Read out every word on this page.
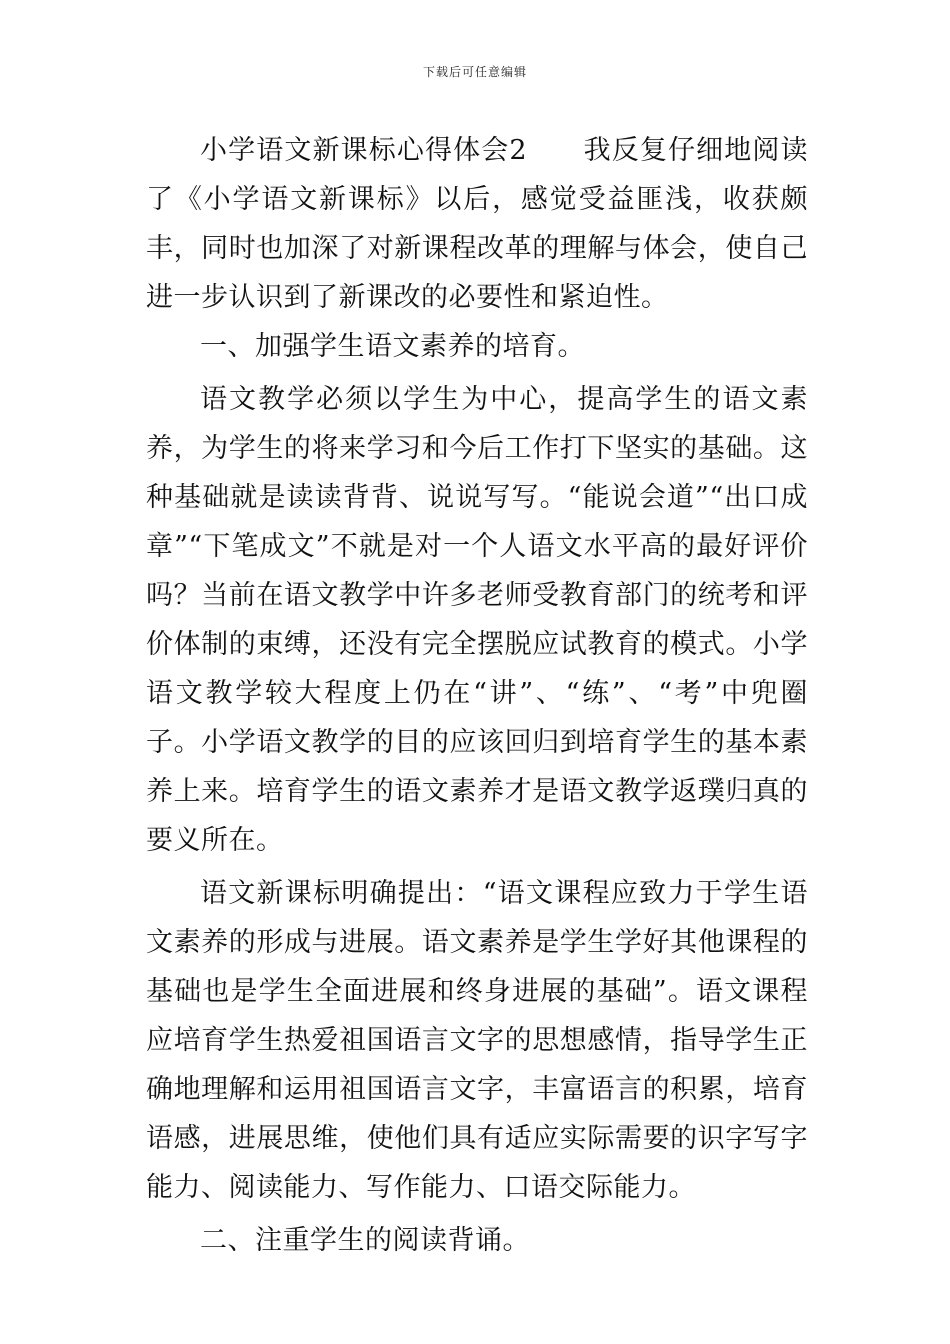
下载后可任意编辑

小学语文新课标心得体会2 我反复仔细地阅读了《小学语文新课标》以后，感觉受益匪浅，收获颇丰，同时也加深了对新课程改革的理解与体会，使自己进一步认识到了新课改的必要性和紧迫性。

一、加强学生语文素养的培育。

语文教学必须以学生为中心，提高学生的语文素养，为学生的将来学习和今后工作打下坚实的基础。这种基础就是读读背背、说说写写。“能说会道”“出口成章”“下笔成文”不就是对一个人语文水平高的最好评价吗？当前在语文教学中许多老师受教育部门的统考和评价体制的束缚，还没有完全摆脱应试教育的模式。小学语文教学较大程度上仍在“讲”、“练”、“考”中兜圈子。小学语文教学的目的应该回归到培育学生的基本素养上来。培育学生的语文素养才是语文教学返璞归真的要义所在。

语文新课标明确提出：“语文课程应致力于学生语文素养的形成与进展。语文素养是学生学好其他课程的基础也是学生全面进展和终身进展的基础”。语文课程应培育学生热爱祖国语言文字的思想感情，指导学生正确地理解和运用祖国语言文字，丰富语言的积累，培育语感，进展思维，使他们具有适应实际需要的识字写字能力、阅读能力、写作能力、口语交际能力。

二、注重学生的阅读背诵。
